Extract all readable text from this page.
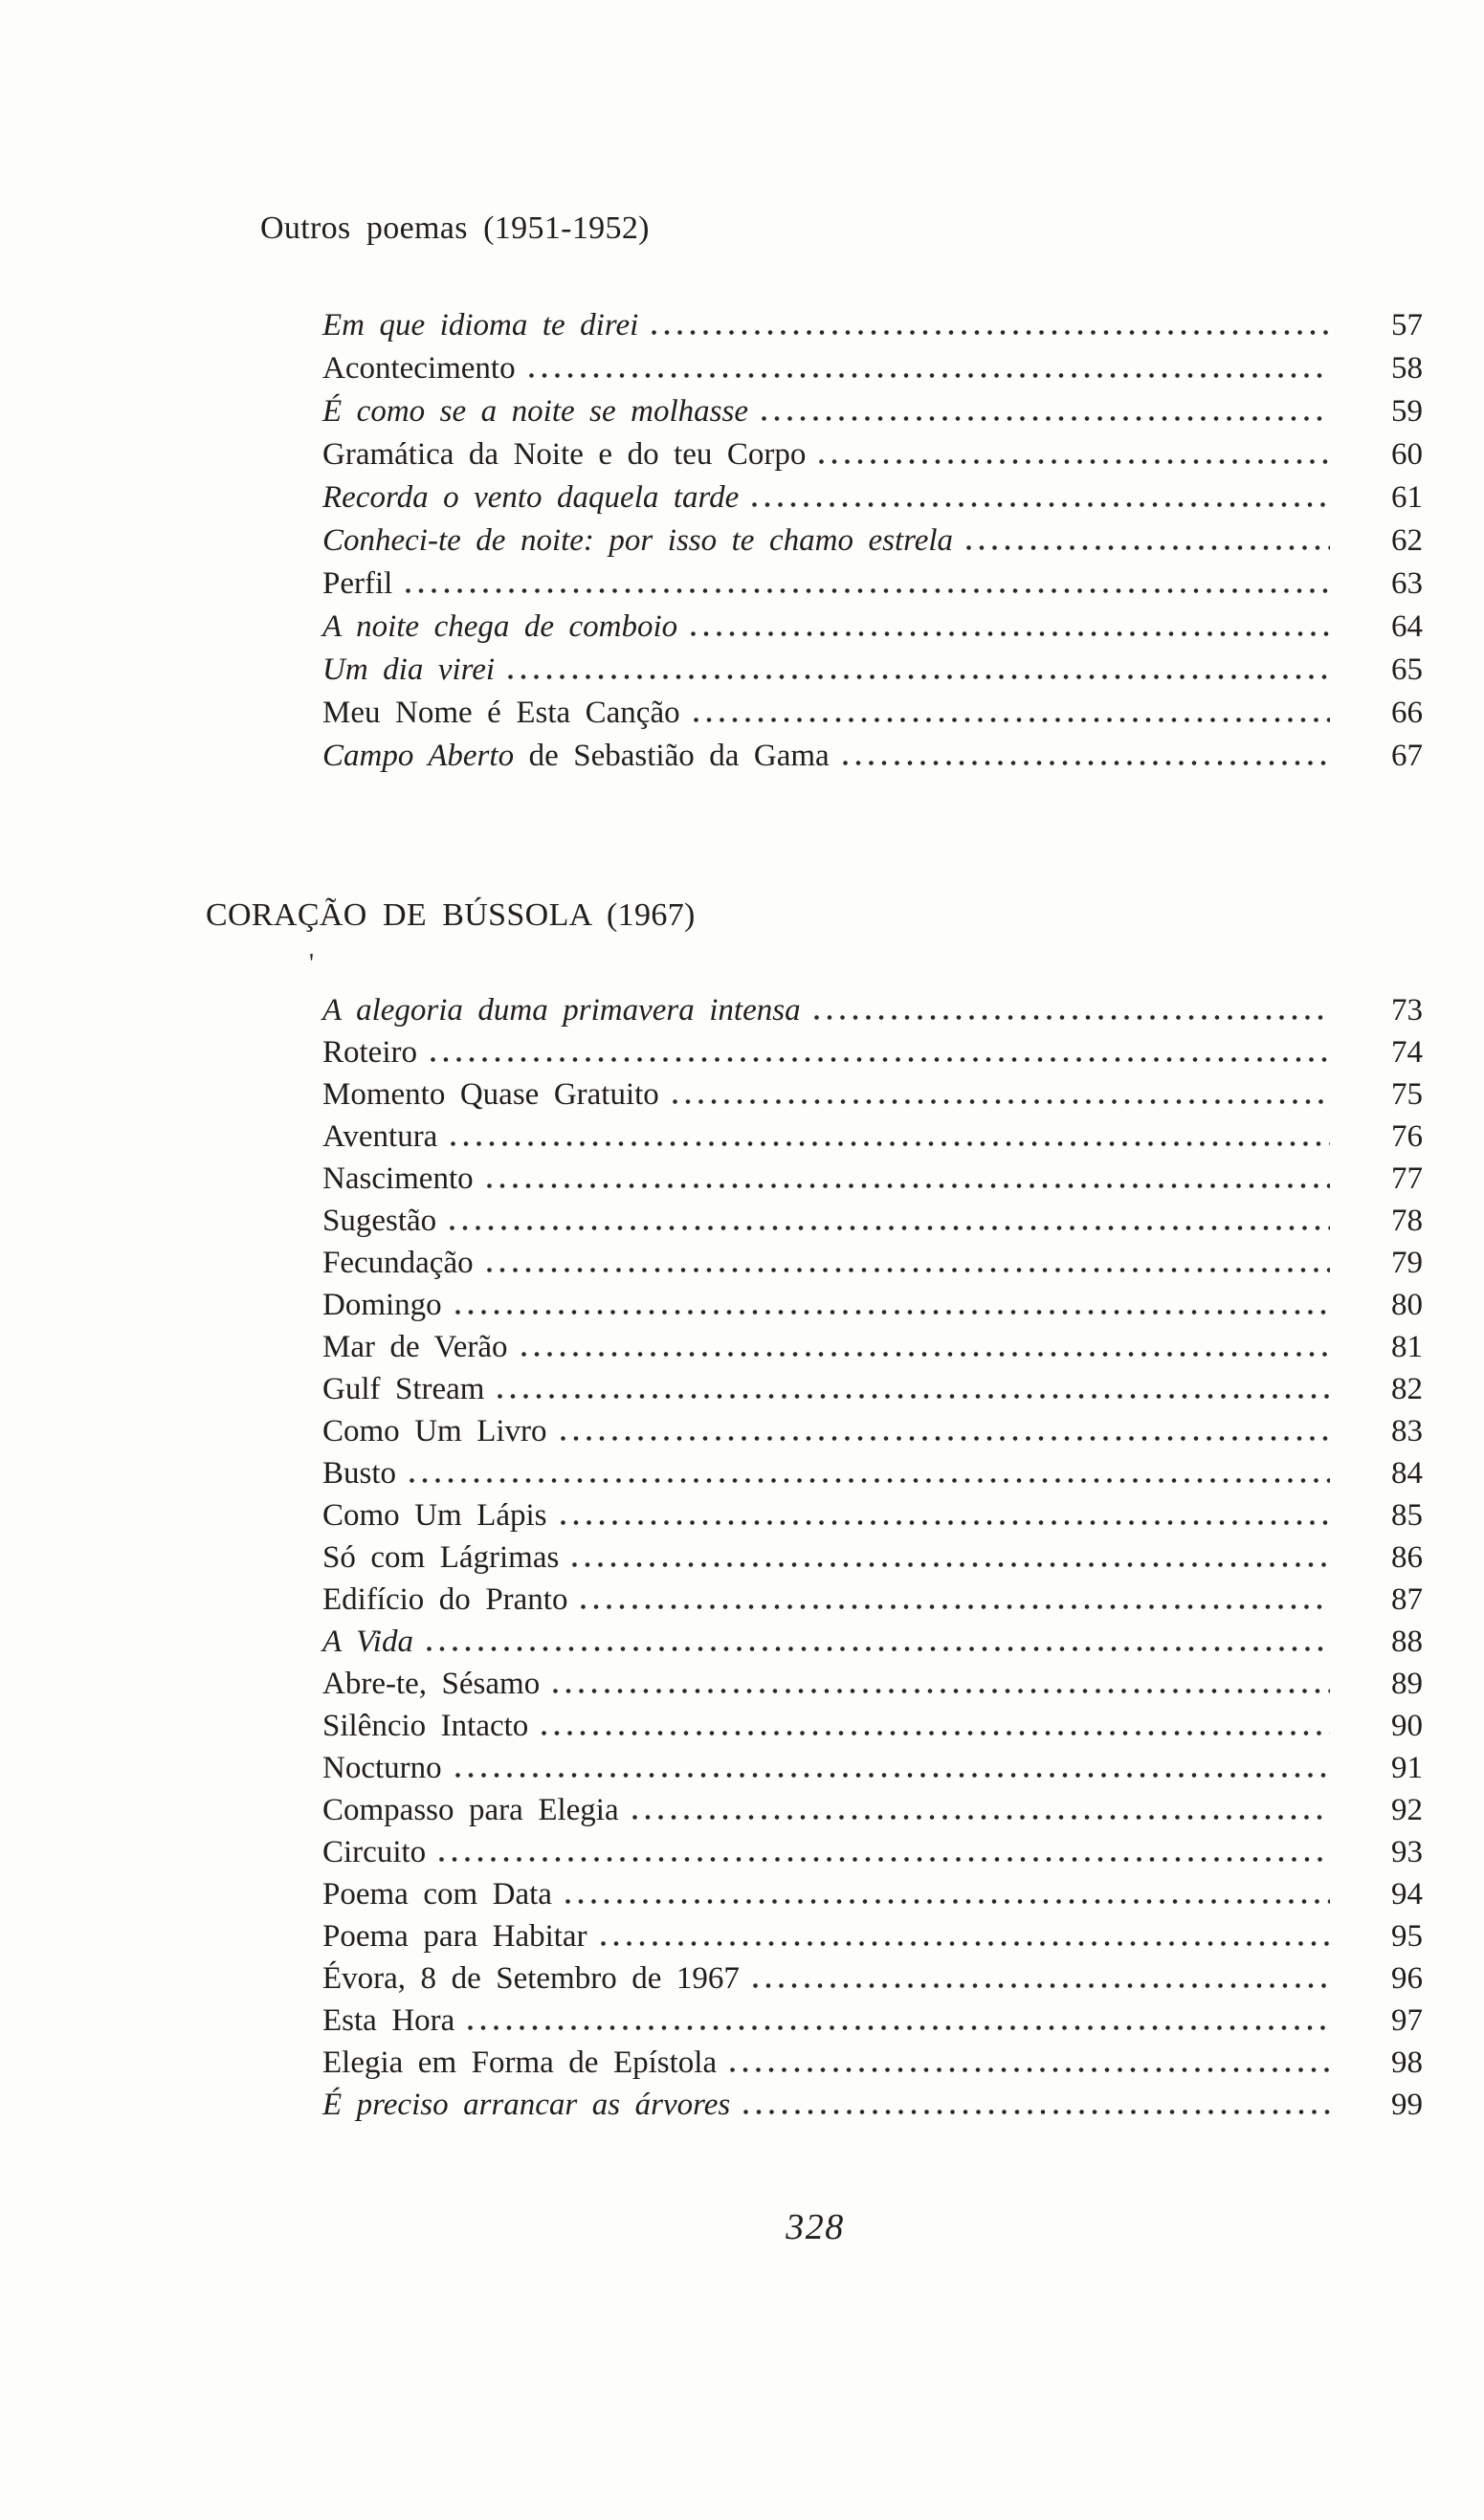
Outros poemas (1951-1952)
Em que idioma te direi	57
Acontecimento	58
É como se a noite se molhasse	59
Gramática da Noite e do teu Corpo	60
Recorda o vento daquela tarde	61
Conheci-te de noite: por isso te chamo estrela	62
Perfil	63
A noite chega de comboio	64
Um dia virei	65
Meu Nome é Esta Canção	66
Campo Aberto de Sebastião da Gama	67
CORAÇÃO DE BÚSSOLA (1967)
'
A alegoria duma primavera intensa	73
Roteiro	74
Momento Quase Gratuito	75
Aventura	76
Nascimento	77
Sugestão	78
Fecundação	79
Domingo	80
Mar de Verão	81
Gulf Stream	82
Como Um Livro	83
Busto	84
Como Um Lápis	85
Só com Lágrimas	86
Edifício do Pranto	87
A Vida	88
Abre-te, Sésamo	89
Silêncio Intacto	90
Nocturno	91
Compasso para Elegia	92
Circuito	93
Poema com Data	94
Poema para Habitar	95
Évora, 8 de Setembro de 1967	96
Esta Hora	97
Elegia em Forma de Epístola	98
É preciso arrancar as árvores	99
328
